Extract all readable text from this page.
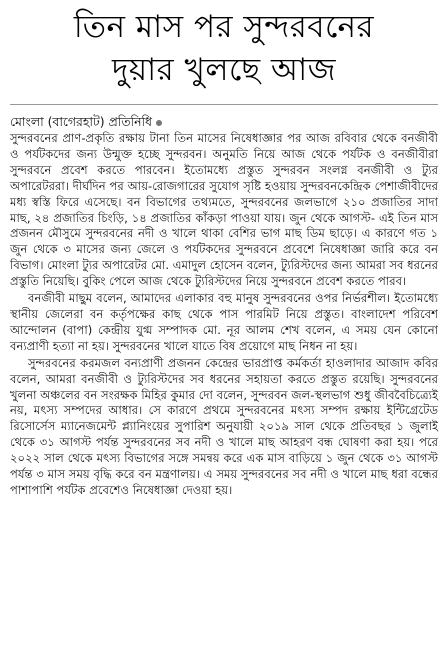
তিন মাস পর সুন্দরবনের
দুয়ার খুলছে আজ

মোংলা (বাগেরহাট) প্রতিনিধি

সুন্দরবনের প্রাণ-প্রকৃতি রক্ষায় টানা তিন মাসের নিষেধাজ্ঞার পর আজ রবিবার থেকে বনজীবী ও পর্যটকদের জন্য উন্মুক্ত হচ্ছে সুন্দরবন। অনুমতি নিয়ে আজ থেকে পর্যটক ও বনজীবীরা সুন্দরবনে প্রবেশ করতে পারবেন। ইতোমধ্যে প্রস্তুত সুন্দরবন সংলগ্ন বনজীবী ও ট্যুর অপারেটররা। দীর্ঘদিন পর আয়-রোজগারের সুযোগ সৃষ্টি হওয়ায় সুন্দরবনকেন্দ্রিক পেশাজীবীদের মধ্য স্বস্তি ফিরে এসেছে। বন বিভাগের তথ্যমতে, সুন্দরবনের জলভাগে ২১০ প্রজাতির সাদা মাছ, ২৪ প্রজাতির চিংড়ি, ১৪ প্রজাতির কাঁকড়া পাওয়া যায়। জুন থেকে আগস্ট- এই তিন মাস প্রজনন মৌসুমে সুন্দরবনের নদী ও খালে থাকা বেশির ভাগ মাছ ডিম ছাড়ে। এ কারণে গত ১ জুন থেকে ৩ মাসের জন্য জেলে ও পর্যটকদের সুন্দরবনে প্রবেশে নিষেধাজ্ঞা জারি করে বন বিভাগ। মোংলা ট্যুর অপারেটর মো. এমাদুল হোসেন বলেন, ট্যুরিস্টদের জন্য আমরা সব ধরনের প্রস্তুতি নিয়েছি। বুকিং পেলে আজ থেকে ট্যুরিস্টদের নিয়ে সুন্দরবনে প্রবেশ করতে পারব।

বনজীবী মাছুম বলেন, আমাদের এলাকার বহু মানুষ সুন্দরবনের ওপর নির্ভরশীল। ইতোমধ্যে স্থানীয় জেলেরা বন কর্তৃপক্ষের কাছ থেকে পাস পারমিট নিয়ে প্রস্তুত। বাংলাদেশ পরিবেশ আন্দোলন (বাপা) কেন্দ্রীয় যুগ্ম সম্পাদক মো. নূর আলম শেখ বলেন, এ সময় যেন কোনো বন্যপ্রাণী হত্যা না হয়। সুন্দরবনের খালে যাতে বিষ প্রয়োগে মাছ নিধন না হয়।

সুন্দরবনের করমজল বন্যপ্রাণী প্রজনন কেন্দ্রের ভারপ্রাপ্ত কর্মকর্তা হাওলাদার আজাদ কবির বলেন, আমরা বনজীবী ও ট্যুরিস্টদের সব ধরনের সহায়তা করতে প্রস্তুত রয়েছি। সুন্দরবনের খুলনা অঞ্চলের বন সংরক্ষক মিহির কুমার দো বলেন, সুন্দরবন জল-স্থলভাগ শুধু জীববৈচিত্র্যেই নয়, মৎস্য সম্পদের আধার। সে কারণে প্রথমে সুন্দরবনের মৎস্য সম্পদ রক্ষায় ইন্টিগ্রেটেড রিসোর্সেস ম্যানেজমেন্ট প্ল্যানিংয়ের সুপারিশ অনুযায়ী ২০১৯ সাল থেকে প্রতিবছর ১ জুলাই থেকে ৩১ আগস্ট পর্যন্ত সুন্দরবনের সব নদী ও খালে মাছ আহরণ বন্ধ ঘোষণা করা হয়। পরে ২০২২ সাল থেকে মৎস্য বিভাগের সঙ্গে সমন্বয় করে এক মাস বাড়িয়ে ১ জুন থেকে ৩১ আগস্ট পর্যন্ত ৩ মাস সময় বৃদ্ধি করে বন মন্ত্রণালয়। এ সময় সুন্দরবনের সব নদী ও খালে মাছ ধরা বন্ধের পাশাপাশি পর্যটক প্রবেশেও নিষেধাজ্ঞা দেওয়া হয়।
